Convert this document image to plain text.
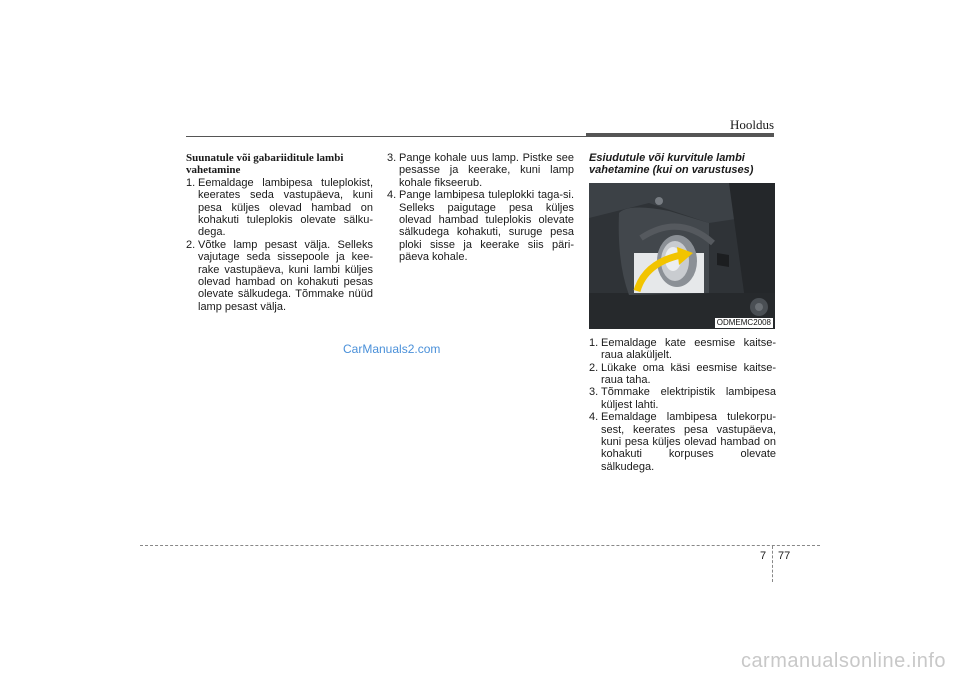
Hooldus
Suunatule või gabariiditule lambi vahetamine
1. Eemaldage lambipesa tuleplokist, keerates seda vastupäeva, kuni pesa küljes olevad hambad on kohakuti tuleplokis olevate sälku-dega.
2. Võtke lamp pesast välja. Selleks vajutage seda sissepoole ja kee-rake vastupäeva, kuni lambi küljes olevad hambad on kohakuti pesas olevate sälkudega. Tõmmake nüüd lamp pesast välja.
3. Pange kohale uus lamp. Pistke see pesasse ja keerake, kuni lamp kohale fikseerub.
4. Pange lambipesa tuleplokki taga-si. Selleks paigutage pesa küljes olevad hambad tuleplokis olevate sälkudega kohakuti, suruge pesa ploki sisse ja keerake siis päri-päeva kohale.
Esiudutule või kurvitule lambi vahetamine (kui on varustuses)
ODMEMC2008
1. Eemaldage kate eesmise kaitse-raua alaküljelt.
2. Lükake oma käsi eesmise kaitse-raua taha.
3. Tõmmake elektripistik lambipesa küljest lahti.
4. Eemaldage lambipesa tulekorpu-sest, keerates pesa vastupäeva, kuni pesa küljes olevad hambad on kohakuti korpuses olevate sälkudega.
CarManuals2.com
7 77
carmanualsonline.info
